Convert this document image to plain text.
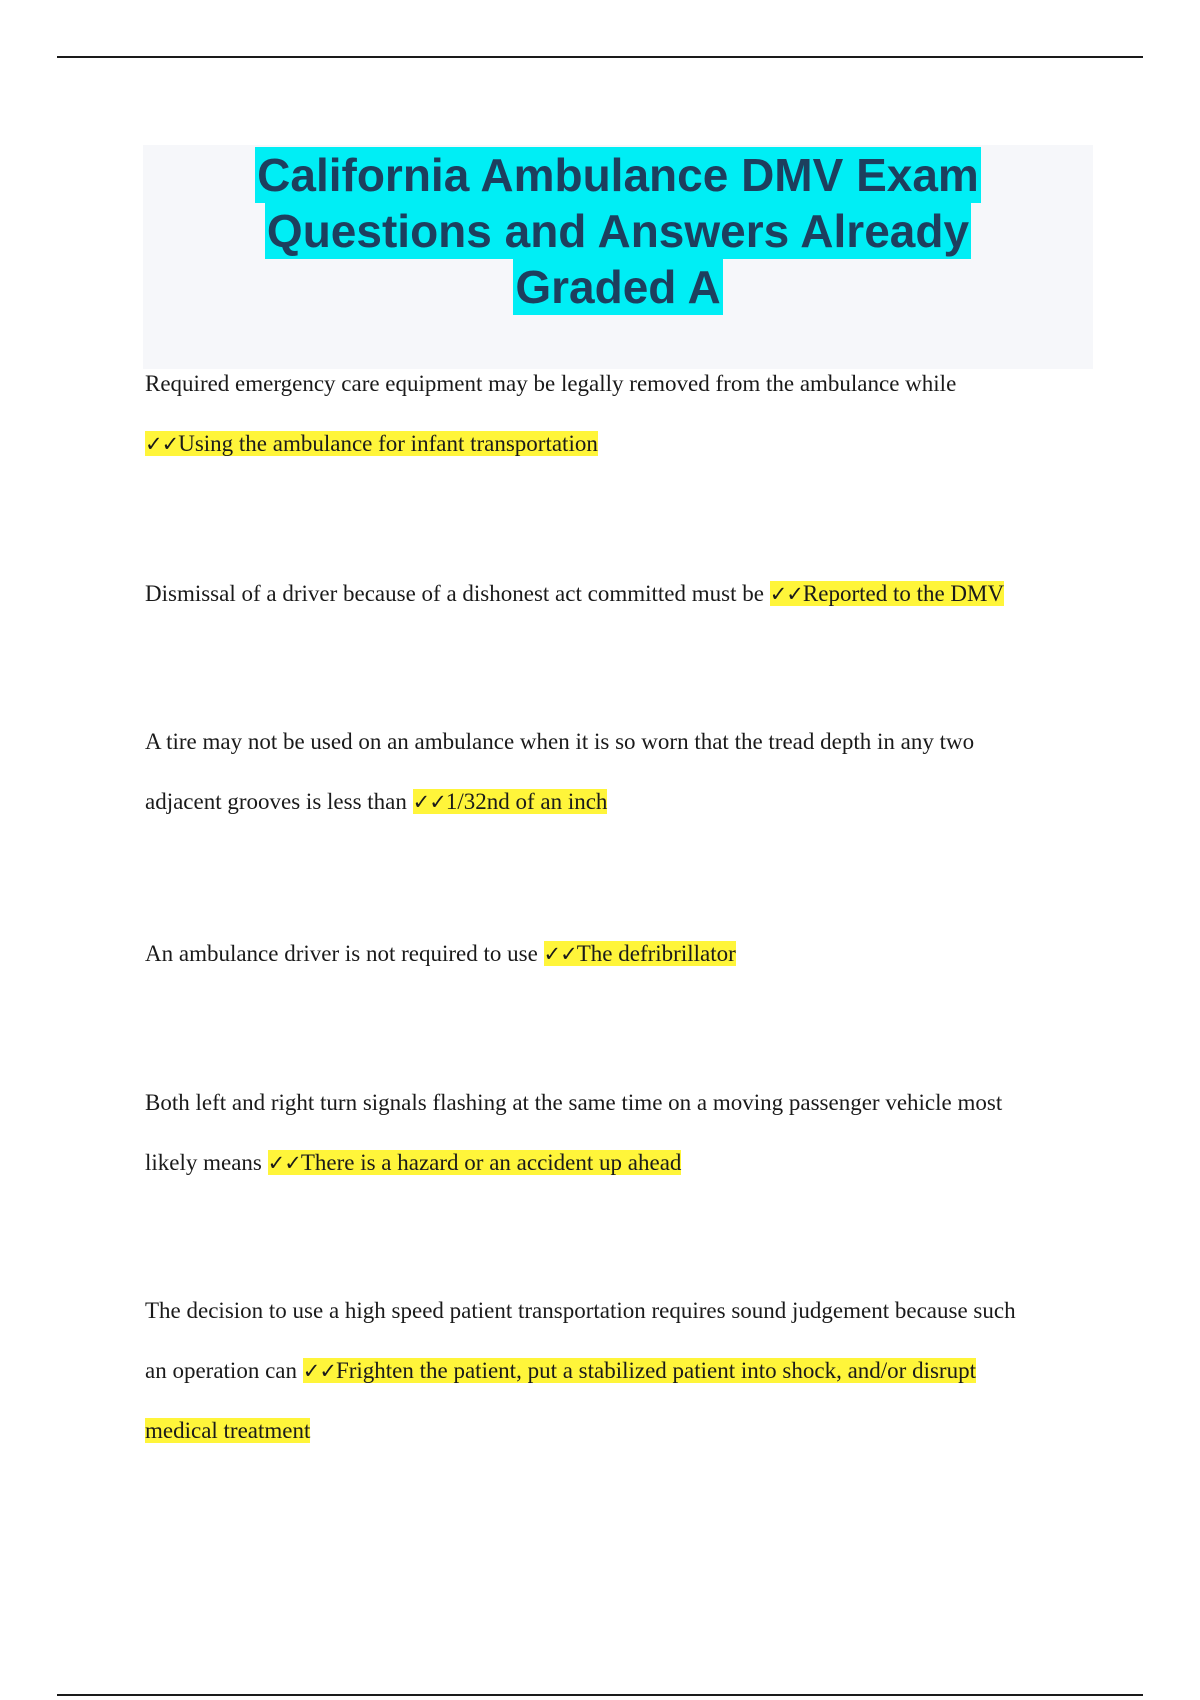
California Ambulance DMV Exam
Questions and Answers Already
Graded A

Required emergency care equipment may be legally removed from the ambulance while
✓✓Using the ambulance for infant transportation

Dismissal of a driver because of a dishonest act committed must be ✓✓Reported to the DMV

A tire may not be used on an ambulance when it is so worn that the tread depth in any two
adjacent grooves is less than ✓✓1/32nd of an inch

An ambulance driver is not required to use ✓✓The defribrillator

Both left and right turn signals flashing at the same time on a moving passenger vehicle most
likely means ✓✓There is a hazard or an accident up ahead

The decision to use a high speed patient transportation requires sound judgement because such
an operation can ✓✓Frighten the patient, put a stabilized patient into shock, and/or disrupt
medical treatment
